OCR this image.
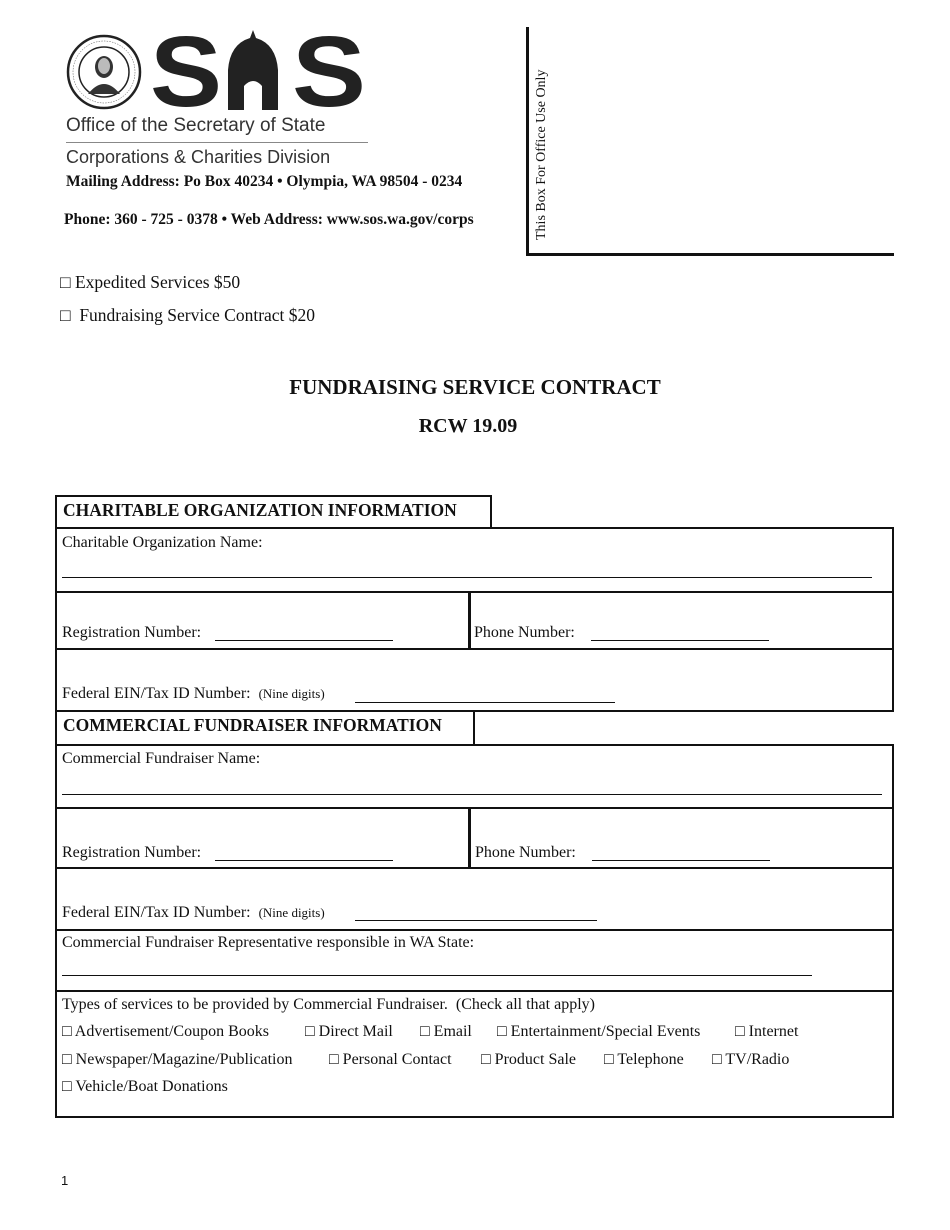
S S
Office of the Secretary of State
Corporations & Charities Division
Mailing Address: Po Box 40234 • Olympia, WA 98504 - 0234
Phone: 360 - 725 - 0378 • Web Address: www.sos.wa.gov/corps	This Box For Office Use Only
□ Expedited Services $50
□  Fundraising Service Contract $20
FUNDRAISING SERVICE CONTRACT
RCW 19.09
CHARITABLE ORGANIZATION INFORMATION
Charitable Organization Name:
Registration Number:	Phone Number:
Federal EIN/Tax ID Number: (Nine digits)
COMMERCIAL FUNDRAISER INFORMATION
Commercial Fundraiser Name:
Registration Number:	Phone Number:
Federal EIN/Tax ID Number: (Nine digits)
Commercial Fundraiser Representative responsible in WA State:
Types of services to be provided by Commercial Fundraiser.  (Check all that apply)
□ Advertisement/Coupon Books □ Direct Mail □ Email □ Entertainment/Special Events □ Internet
□ Newspaper/Magazine/Publication □ Personal Contact □ Product Sale □ Telephone □ TV/Radio
□ Vehicle/Boat Donations
1
